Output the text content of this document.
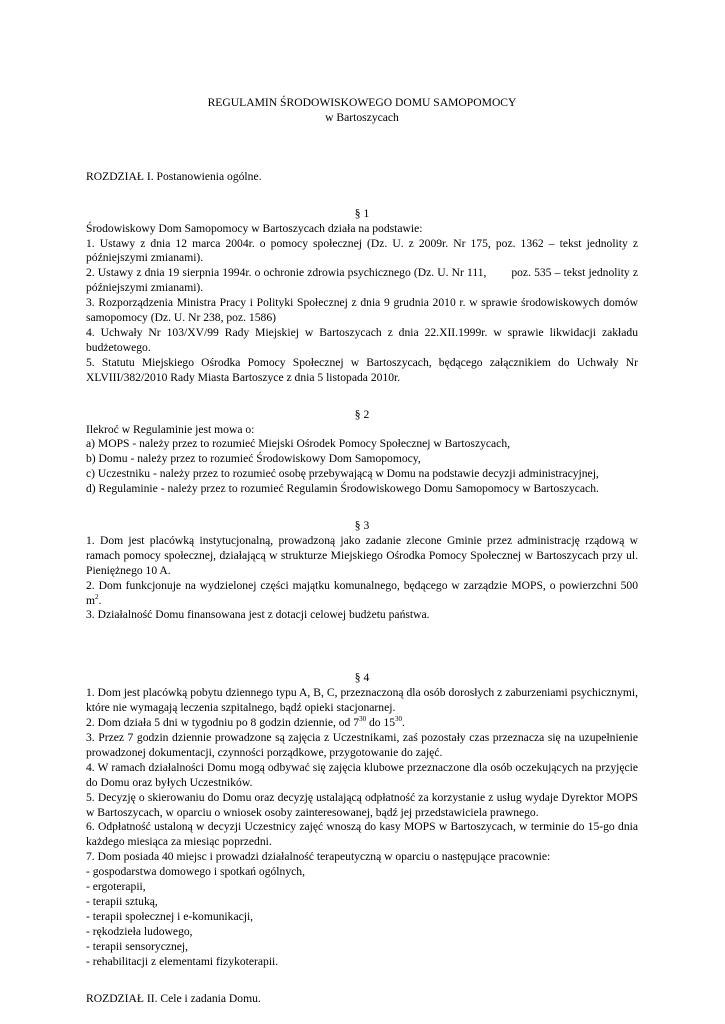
REGULAMIN ŚRODOWISKOWEGO DOMU SAMOPOMOCY

w Bartoszycach

ROZDZIAŁ I. Postanowienia ogólne.

§ 1

Środowiskowy Dom Samopomocy w Bartoszycach działa na podstawie:

1. Ustawy z dnia 12 marca 2004r. o pomocy społecznej (Dz. U. z 2009r. Nr 175, poz. 1362 – tekst jednolity z późniejszymi zmianami).

2. Ustawy z dnia 19 sierpnia 1994r. o ochronie zdrowia psychicznego (Dz. U. Nr 111,        poz. 535 – tekst jednolity z późniejszymi zmianami).

3. Rozporządzenia Ministra Pracy i Polityki Społecznej z dnia 9 grudnia 2010 r. w sprawie środowiskowych domów samopomocy (Dz. U. Nr 238, poz. 1586)

4. Uchwały Nr 103/XV/99 Rady Miejskiej w Bartoszycach z dnia 22.XII.1999r. w sprawie likwidacji zakładu budżetowego.

5. Statutu Miejskiego Ośrodka Pomocy Społecznej w Bartoszycach, będącego załącznikiem do Uchwały Nr XLVIII/382/2010 Rady Miasta Bartoszyce z dnia 5 listopada 2010r.

§ 2

Ilekroć w Regulaminie jest mowa o:

a) MOPS - należy przez to rozumieć Miejski Ośrodek Pomocy Społecznej w Bartoszycach,

b) Domu - należy przez to rozumieć Środowiskowy Dom Samopomocy,

c) Uczestniku - należy przez to rozumieć osobę przebywającą w Domu na podstawie decyzji administracyjnej,

d) Regulaminie - należy przez to rozumieć Regulamin Środowiskowego Domu Samopomocy w Bartoszycach.

§ 3

1. Dom jest placówką instytucjonalną, prowadzoną jako zadanie zlecone Gminie przez administrację rządową w ramach pomocy społecznej, działającą w strukturze Miejskiego Ośrodka Pomocy Społecznej w Bartoszycach przy ul. Pieniężnego 10 A.

2. Dom funkcjonuje na wydzielonej części majątku komunalnego, będącego w zarządzie MOPS, o powierzchni 500 $m^2$.

3. Działalność Domu finansowana jest z dotacji celowej budżetu państwa.

§ 4

1. Dom jest placówką pobytu dziennego typu A, B, C, przeznaczoną dla osób dorosłych z zaburzeniami psychicznymi, które nie wymagają leczenia szpitalnego, bądź opieki stacjonarnej.

2. Dom działa 5 dni w tygodniu po 8 godzin dziennie, od $7^{30}$ do $15^{30}$.

3. Przez 7 godzin dziennie prowadzone są zajęcia z Uczestnikami, zaś pozostały czas przeznacza się na uzupełnienie prowadzonej dokumentacji, czynności porządkowe, przygotowanie do zajęć.

4. W ramach działalności Domu mogą odbywać się zajęcia klubowe przeznaczone dla osób oczekujących na przyjęcie do Domu oraz byłych Uczestników.

5. Decyzję o skierowaniu do Domu oraz decyzję ustalającą odpłatność za korzystanie z usług wydaje Dyrektor MOPS w Bartoszycach, w oparciu o wniosek osoby zainteresowanej, bądź jej przedstawiciela prawnego.

6. Odpłatność ustaloną w decyzji Uczestnicy zajęć wnoszą do kasy MOPS w Bartoszycach, w terminie do 15-go dnia każdego miesiąca za miesiąc poprzedni.

7. Dom posiada 40 miejsc i prowadzi działalność terapeutyczną w oparciu o następujące pracownie:

- gospodarstwa domowego i spotkań ogólnych,

- ergoterapii,

- terapii sztuką,

- terapii społecznej i e-komunikacji,

- rękodzieła ludowego,

- terapii sensorycznej,

- rehabilitacji z elementami fizykoterapii.

ROZDZIAŁ II. Cele i zadania Domu.
